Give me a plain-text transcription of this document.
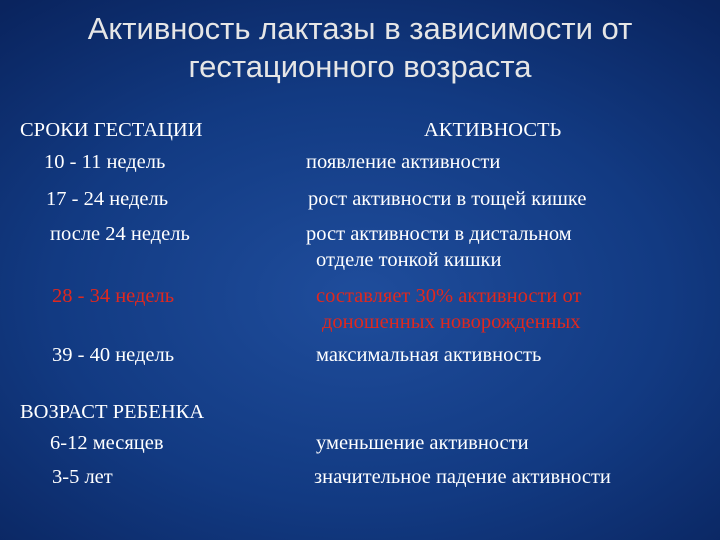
Активность лактазы в зависимости от
гестационного возраста
СРОКИ ГЕСТАЦИИ	АКТИВНОСТЬ
10 - 11 недель	появление активности
17 - 24 недель	рост активности в тощей кишке
после 24 недель	рост активности в дистальном
отделе тонкой кишки
28 - 34 недель	составляет 30% активности от
доношенных новорожденных
39 - 40 недель	максимальная активность
ВОЗРАСТ РЕБЕНКА
6-12 месяцев	уменьшение активности
3-5 лет	значительное падение активности
